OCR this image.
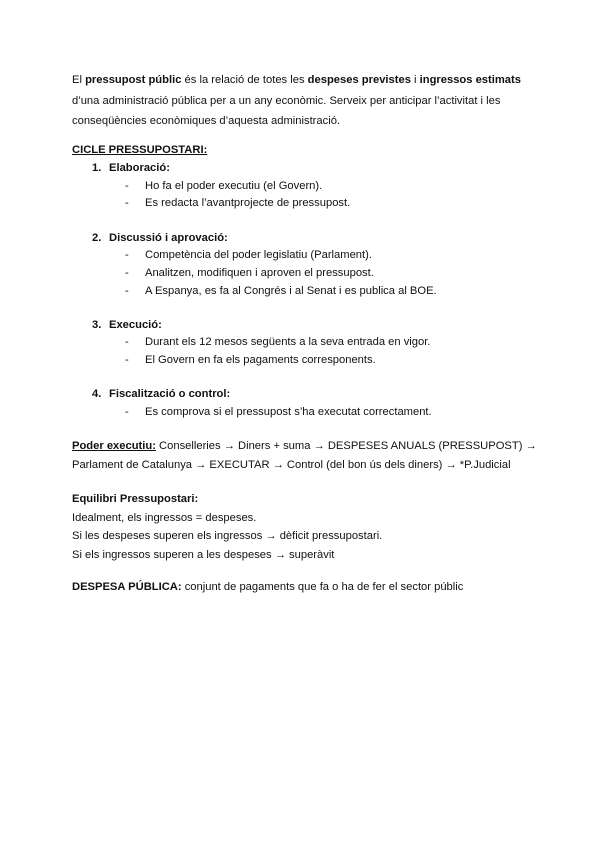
El pressupost públic és la relació de totes les despeses previstes i ingressos estimats d’una administració pública per a un any econòmic. Serveix per anticipar l’activitat i les conseqüències econòmiques d’aquesta administració.

CICLE PRESSUPOSTARI:
1. Elaboració:
- Ho fa el poder executiu (el Govern).
- Es redacta l’avantprojecte de pressupost.
2. Discussió i aprovació:
- Competència del poder legislatiu (Parlament).
- Analitzen, modifiquen i aproven el pressupost.
- A Espanya, es fa al Congrés i al Senat i es publica al BOE.
3. Execució:
- Durant els 12 mesos següents a la seva entrada en vigor.
- El Govern en fa els pagaments corresponents.
4. Fiscalització o control:
- Es comprova si el pressupost s’ha executat correctament.

Poder executiu: Conselleries → Diners + suma → DESPESES ANUALS (PRESSUPOST) → Parlament de Catalunya → EXECUTAR → Control (del bon ús dels diners) → *P.Judicial

Equilibri Pressupostari:
Idealment, els ingressos = despeses.
Si les despeses superen els ingressos → dèficit pressupostari.
Si els ingressos superen a les despeses → superàvit

DESPESA PÚBLICA: conjunt de pagaments que fa o ha de fer el sector públic
